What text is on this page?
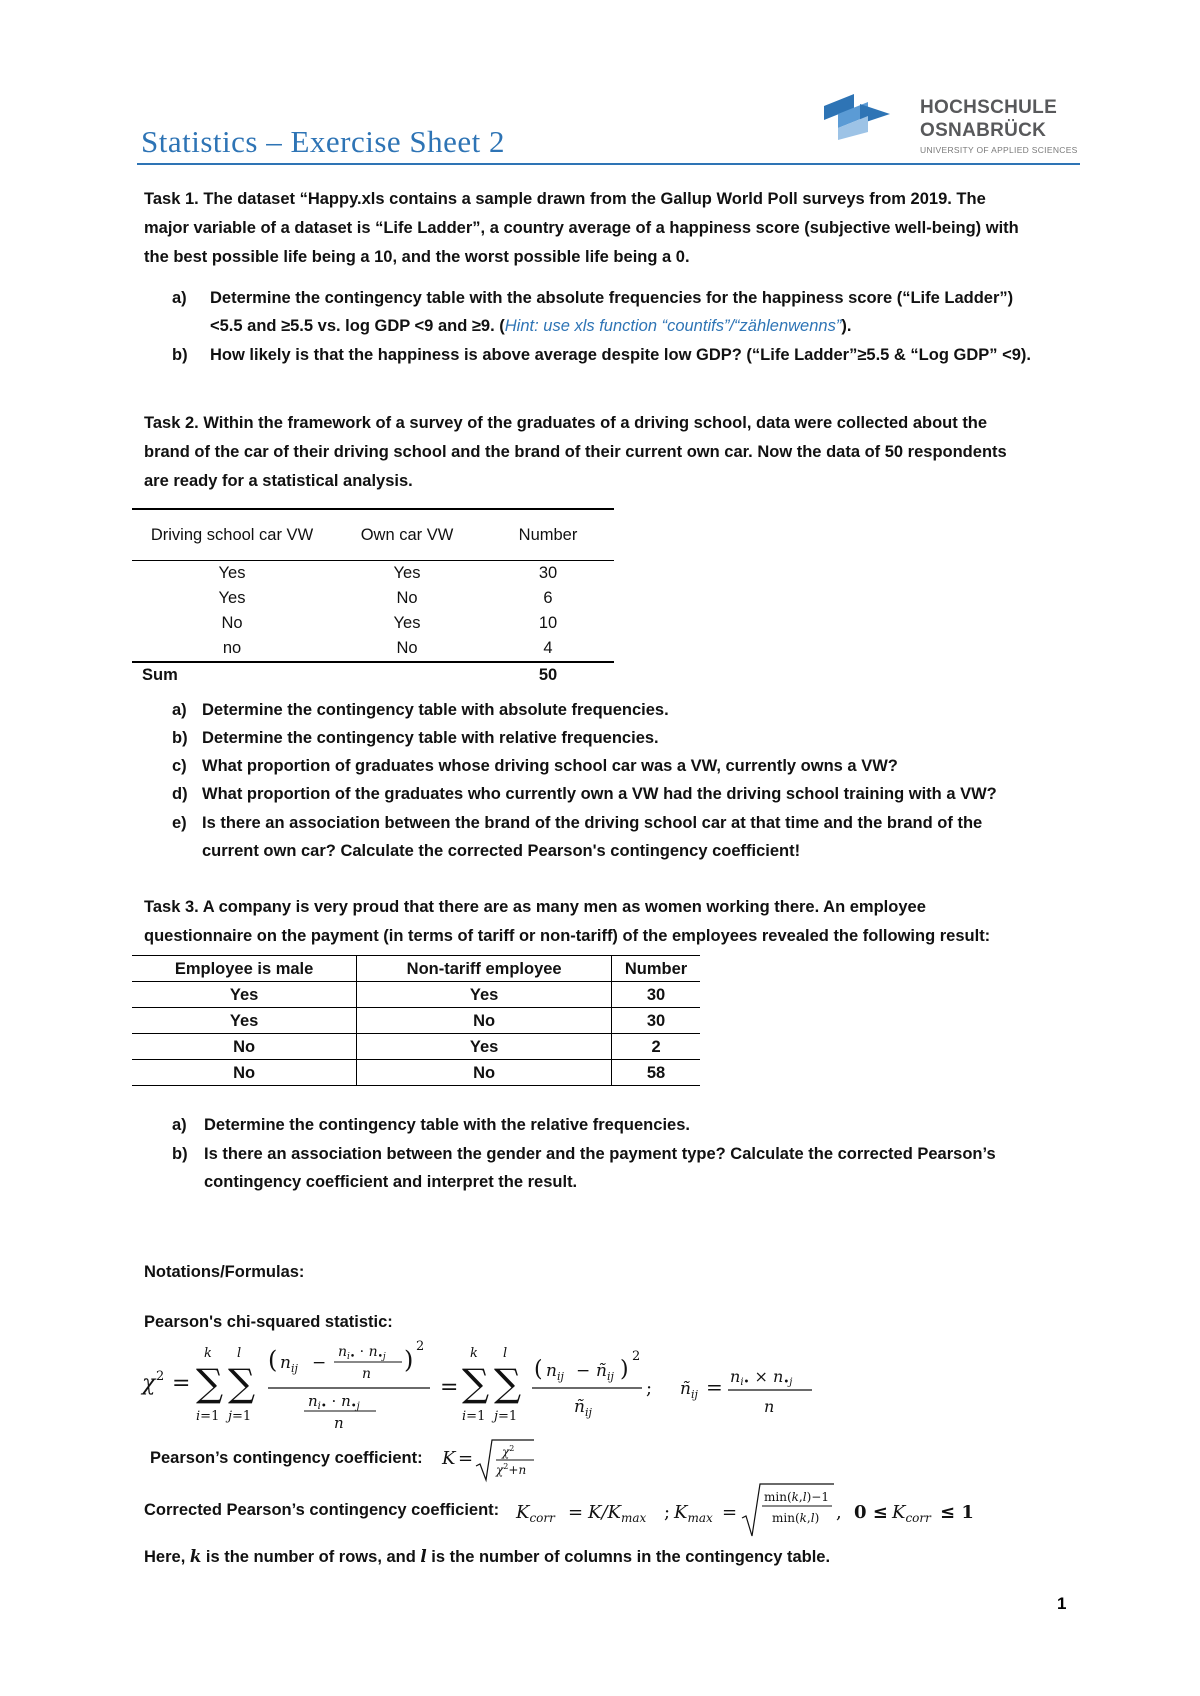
Statistics – Exercise Sheet 2
HOCHSCHULE
OSNABRÜCK
UNIVERSITY OF APPLIED SCIENCES
Task 1. The dataset “Happy.xls contains a sample drawn from the Gallup World Poll surveys from 2019. The
major variable of a dataset is “Life Ladder”, a country average of a happiness score (subjective well-being) with
the best possible life being a 10, and the worst possible life being a 0.
a) Determine the contingency table with the absolute frequencies for the happiness score (“Life Ladder”)
<5.5 and ≥5.5 vs. log GDP <9 and ≥9. (Hint: use xls function “countifs”/“zählenwenns”).
b) How likely is that the happiness is above average despite low GDP? (“Life Ladder”≥5.5 & “Log GDP” <9).
Task 2. Within the framework of a survey of the graduates of a driving school, data were collected about the
brand of the car of their driving school and the brand of their current own car. Now the data of 50 respondents
are ready for a statistical analysis.
Driving school car VW	Own car VW	Number
Yes	Yes	30
Yes	No	6
No	Yes	10
no	No	4
Sum		50
a) Determine the contingency table with absolute frequencies.
b) Determine the contingency table with relative frequencies.
c) What proportion of graduates whose driving school car was a VW, currently owns a VW?
d) What proportion of the graduates who currently own a VW had the driving school training with a VW?
e) Is there an association between the brand of the driving school car at that time and the brand of the
current own car? Calculate the corrected Pearson's contingency coefficient!
Task 3. A company is very proud that there are as many men as women working there. An employee
questionnaire on the payment (in terms of tariff or non-tariff) of the employees revealed the following result:
Employee is male	Non-tariff employee	Number
Yes	Yes	30
Yes	No	30
No	Yes	2
No	No	58
a) Determine the contingency table with the relative frequencies.
b) Is there an association between the gender and the payment type? Calculate the corrected Pearson’s
contingency coefficient and interpret the result.
Notations/Formulas:
Pearson's chi-squared statistic:
χ 2 = ∑
k
i=1
∑
l
j=1
( $n_{ij}$ −
$n_{i•} \cdot n_{•j}$
n ) 2
$n_{i•} \cdot n_{•j}$
n
= ∑
k
i=1
∑
l
j=1
( $n_{ij}$ − $ñ_{ij}$ )
2
$ñ_{ij}$
; $ñ_{ij}$ = ni• × n•j
n
Pearson’s contingency coefficient: $K = \chi^2$
$\chi^2+n$
Corrected Pearson’s contingency coefficient: $K_{corr} = K/K_{max}$ ; $K_{max}$ =
min(k,l)−1
min(k,l) , $0 \le K_{corr} \le 1$
Here, k is the number of rows, and l is the number of columns in the contingency table.
1
